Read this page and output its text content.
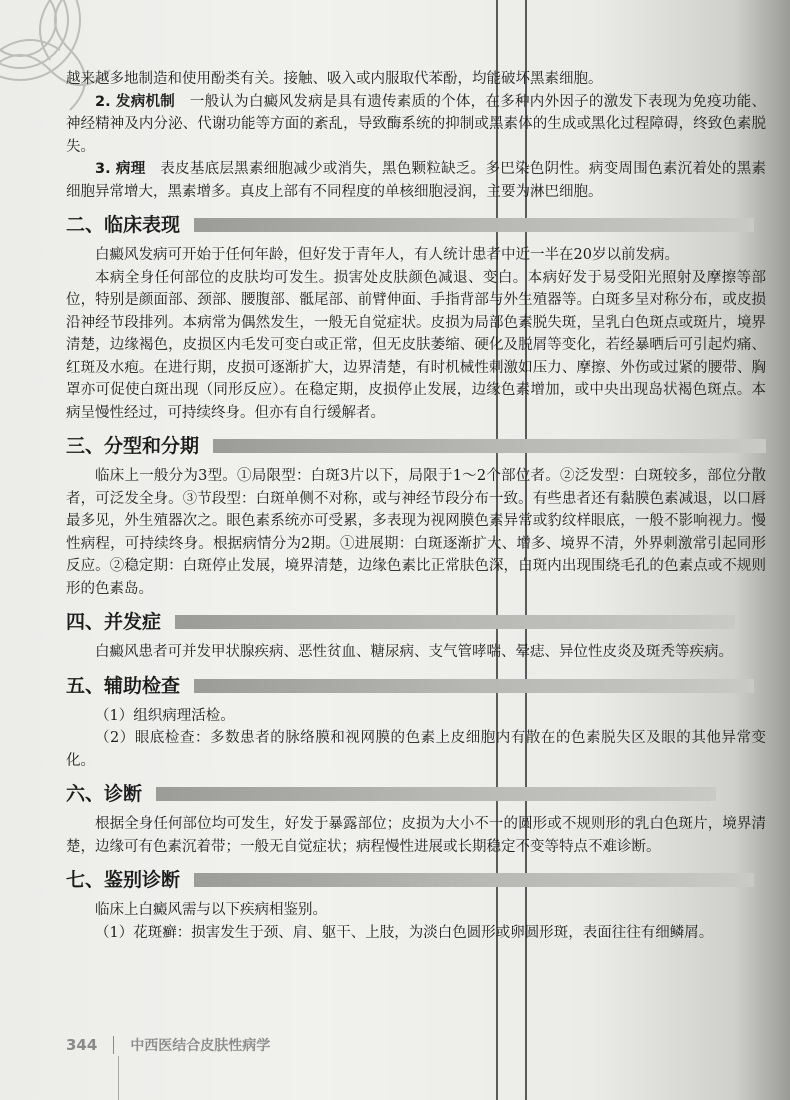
越来越多地制造和使用酚类有关。接触、吸入或内服取代苯酚，均能破坏黑素细胞。

2. 发病机制　 一般认为白癜风发病是具有遗传素质的个体，在多种内外因子的激发下表现为免疫功能、神经精神及内分泌、代谢功能等方面的紊乱，导致酶系统的抑制或黑素体的生成或黑化过程障碍，终致色素脱失。

3. 病理　 表皮基底层黑素细胞减少或消失，黑色颗粒缺乏。多巴染色阴性。病变周围色素沉着处的黑素细胞异常增大，黑素增多。真皮上部有不同程度的单核细胞浸润，主要为淋巴细胞。

二、临床表现

白癜风发病可开始于任何年龄，但好发于青年人，有人统计患者中近一半在20岁以前发病。

本病全身任何部位的皮肤均可发生。损害处皮肤颜色减退、变白。本病好发于易受阳光照射及摩擦等部位，特别是颜面部、颈部、腰腹部、骶尾部、前臂伸面、手指背部与外生殖器等。白斑多呈对称分布，或皮损沿神经节段排列。本病常为偶然发生，一般无自觉症状。皮损为局部色素脱失斑，呈乳白色斑点或斑片，境界清楚，边缘褐色，皮损区内毛发可变白或正常，但无皮肤萎缩、硬化及脱屑等变化，若经暴晒后可引起灼痛、红斑及水疱。在进行期，皮损可逐渐扩大，边界清楚，有时机械性刺激如压力、摩擦、外伤或过紧的腰带、胸罩亦可促使白斑出现（同形反应）。在稳定期，皮损停止发展，边缘色素增加，或中央出现岛状褐色斑点。本病呈慢性经过，可持续终身。但亦有自行缓解者。

三、分型和分期

临床上一般分为3型。①局限型：白斑3片以下，局限于1～2个部位者。②泛发型：白斑较多，部位分散者，可泛发全身。③节段型：白斑单侧不对称，或与神经节段分布一致。有些患者还有黏膜色素减退，以口唇最多见，外生殖器次之。眼色素系统亦可受累，多表现为视网膜色素异常或豹纹样眼底，一般不影响视力。慢性病程，可持续终身。根据病情分为2期。①进展期：白斑逐渐扩大、增多、境界不清，外界刺激常引起同形反应。②稳定期：白斑停止发展，境界清楚，边缘色素比正常肤色深，白斑内出现围绕毛孔的色素点或不规则形的色素岛。

四、并发症

白癜风患者可并发甲状腺疾病、恶性贫血、糖尿病、支气管哮喘、晕痣、异位性皮炎及斑秃等疾病。

五、辅助检查

（1）组织病理活检。

（2）眼底检查：多数患者的脉络膜和视网膜的色素上皮细胞内有散在的色素脱失区及眼的其他异常变化。

六、诊断

根据全身任何部位均可发生，好发于暴露部位；皮损为大小不一的圆形或不规则形的乳白色斑片，境界清楚，边缘可有色素沉着带；一般无自觉症状；病程慢性进展或长期稳定不变等特点不难诊断。

七、鉴别诊断

临床上白癜风需与以下疾病相鉴别。

（1）花斑癣：损害发生于颈、肩、躯干、上肢，为淡白色圆形或卵圆形斑，表面往往有细鳞屑。

344 中西医结合皮肤性病学
